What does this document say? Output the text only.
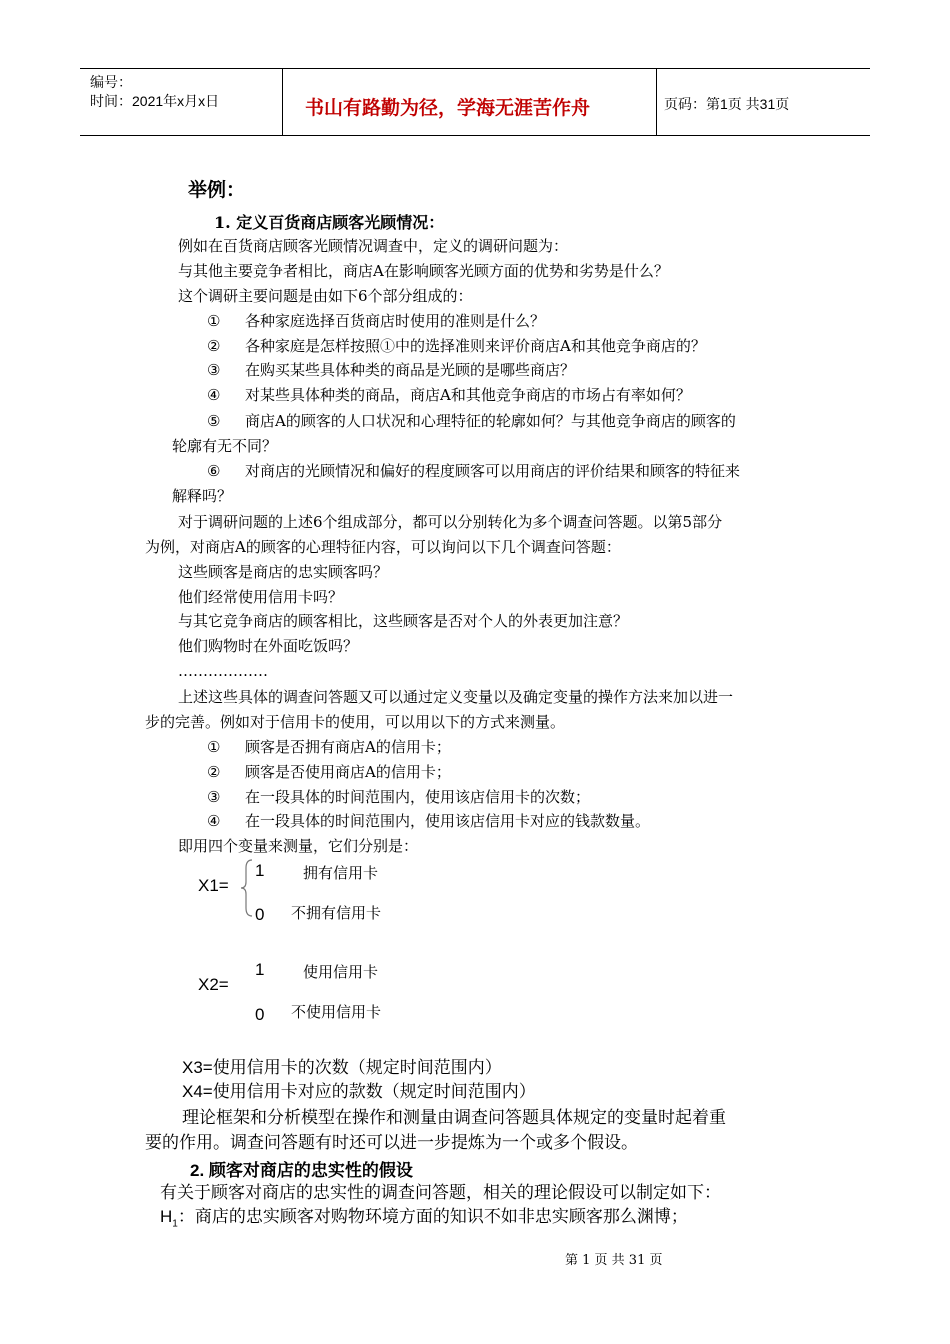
编号：
时间：2021年x月x日	书山有路勤为径，学海无涯苦作舟	页码：第1页 共31页
举例：
1. 定义百货商店顾客光顾情况：
例如在百货商店顾客光顾情况调查中，定义的调研问题为：
与其他主要竞争者相比，商店A在影响顾客光顾方面的优势和劣势是什么？
这个调研主要问题是由如下6个部分组成的：
① 各种家庭选择百货商店时使用的准则是什么？
② 各种家庭是怎样按照①中的选择准则来评价商店A和其他竞争商店的？
③ 在购买某些具体种类的商品是光顾的是哪些商店？
④ 对某些具体种类的商品，商店A和其他竞争商店的市场占有率如何？
⑤ 商店A的顾客的人口状况和心理特征的轮廓如何？与其他竞争商店的顾客的
轮廓有无不同？
⑥ 对商店的光顾情况和偏好的程度顾客可以用商店的评价结果和顾客的特征来
解释吗？
对于调研问题的上述6个组成部分，都可以分别转化为多个调查问答题。以第5部分
为例，对商店A的顾客的心理特征内容，可以询问以下几个调查问答题：
这些顾客是商店的忠实顾客吗？
他们经常使用信用卡吗？
与其它竞争商店的顾客相比，这些顾客是否对个人的外表更加注意？
他们购物时在外面吃饭吗？
………………
上述这些具体的调查问答题又可以通过定义变量以及确定变量的操作方法来加以进一
步的完善。例如对于信用卡的使用，可以用以下的方式来测量。
① 顾客是否拥有商店A的信用卡；
② 顾客是否使用商店A的信用卡；
③ 在一段具体的时间范围内，使用该店信用卡的次数；
④ 在一段具体的时间范围内，使用该店信用卡对应的钱款数量。
即用四个变量来测量，它们分别是：
X1=
1	拥有信用卡
0 不拥有信用卡
X2=
1	使用信用卡
0 不使用信用卡
X3=使用信用卡的次数（规定时间范围内）
X4=使用信用卡对应的款数（规定时间范围内）
理论框架和分析模型在操作和测量由调查问答题具体规定的变量时起着重
要的作用。调查问答题有时还可以进一步提炼为一个或多个假设。
2. 顾客对商店的忠实性的假设
有关于顾客对商店的忠实性的调查问答题，相关的理论假设可以制定如下：
$H_1$：商店的忠实顾客对购物环境方面的知识不如非忠实顾客那么渊博；
第 1 页 共 31 页
